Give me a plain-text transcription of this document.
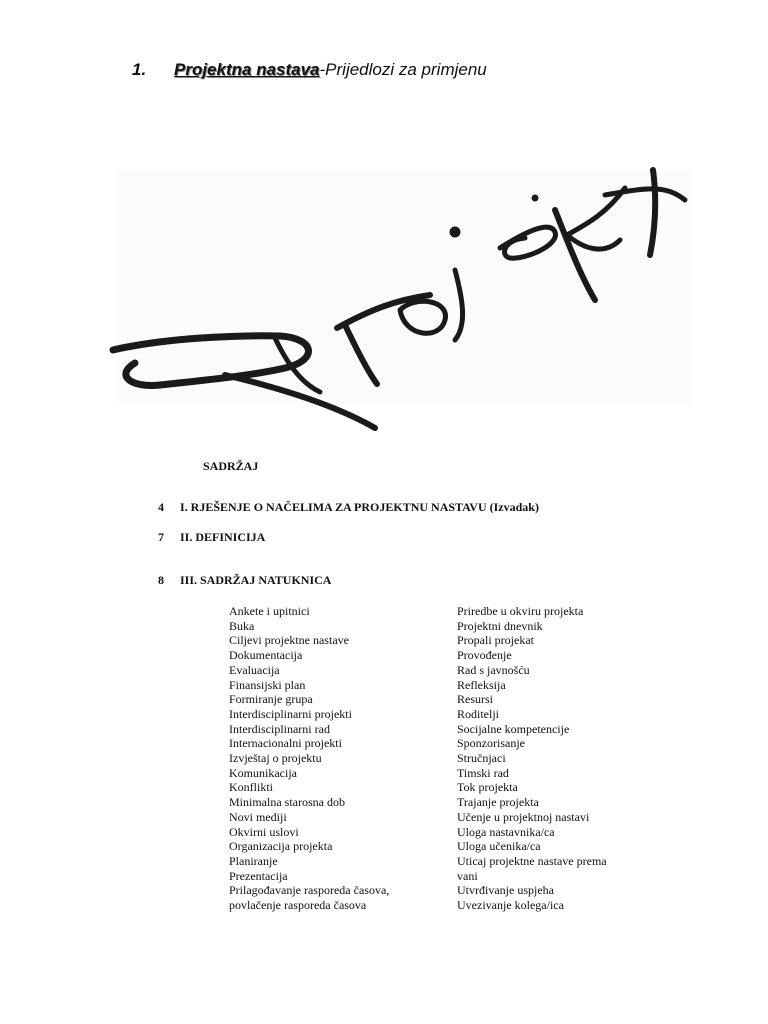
1. Projektna nastava-Prijedlozi za primjenu
SADRŽAJ
4 I. RJEŠENJE O NAČELIMA ZA PROJEKTNU NASTAVU (Izvadak)
7 II. DEFINICIJA
8 III. SADRŽAJ NATUKNICA
Ankete i upitnici
Buka
Ciljevi projektne nastave
Dokumentacija
Evaluacija
Finansijski plan
Formiranje grupa
Interdisciplinarni projekti
Interdisciplinarni rad
Internacionalni projekti
Izvještaj o projektu
Komunikacija
Konflikti
Minimalna starosna dob
Novi mediji
Okvirni uslovi
Organizacija projekta
Planiranje
Prezentacija
Prilagođavanje rasporeda časova,
povlačenje rasporeda časova
Priredbe u okviru projekta
Projektni dnevnik
Propali projekat
Provođenje
Rad s javnošću
Refleksija
Resursi
Roditelji
Socijalne kompetencije
Sponzorisanje
Stručnjaci
Timski rad
Tok projekta
Trajanje projekta
Učenje u projektnoj nastavi
Uloga nastavnika/ca
Uloga učenika/ca
Uticaj projektne nastave prema
vani
Utvrđivanje uspjeha
Uvezivanje kolega/ica
